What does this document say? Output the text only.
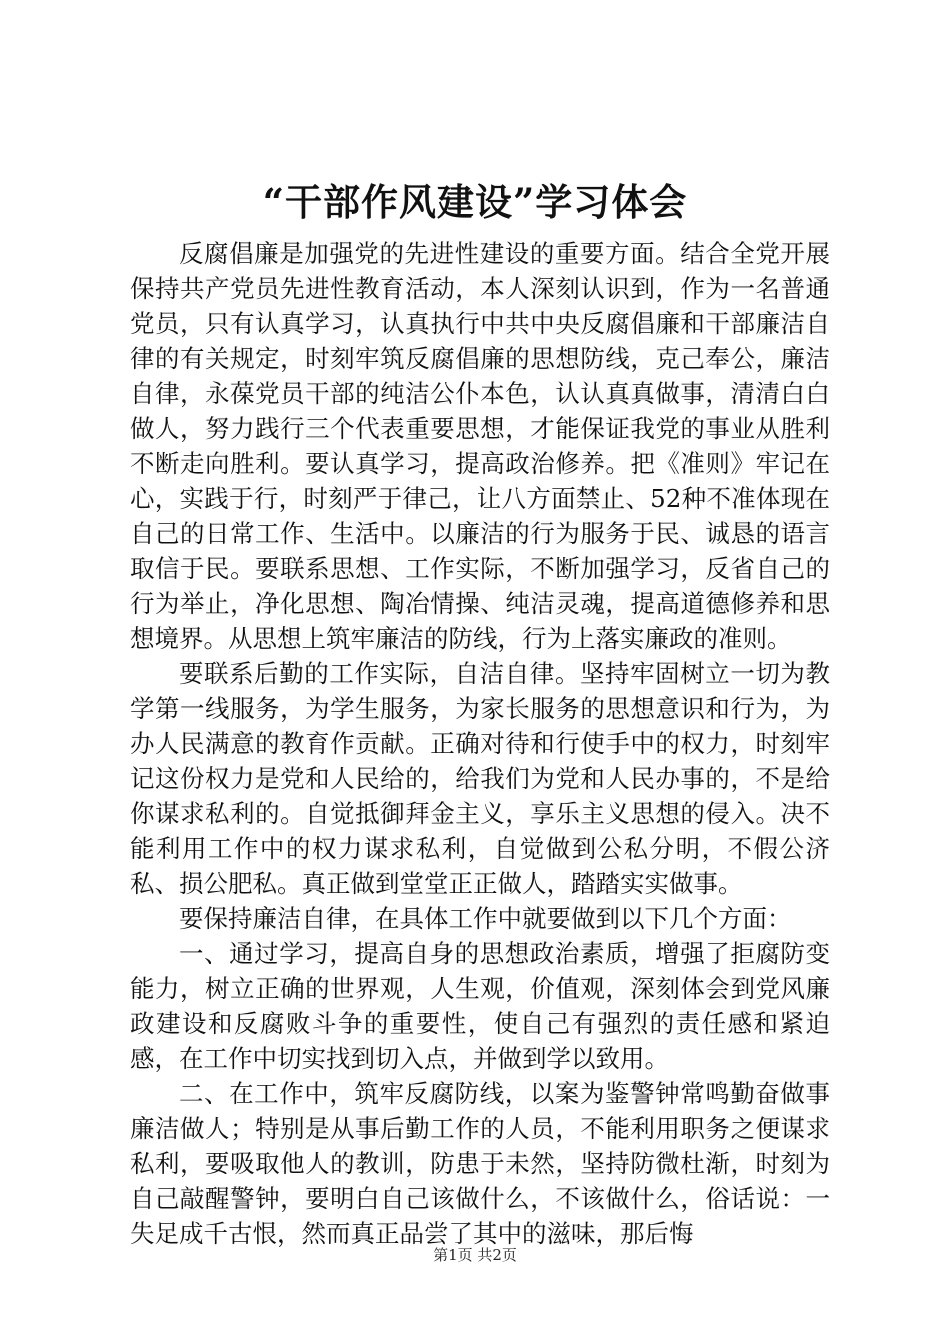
“干部作风建设”学习体会

反腐倡廉是加强党的先进性建设的重要方面。结合全党开展保持共产党员先进性教育活动，本人深刻认识到，作为一名普通党员，只有认真学习，认真执行中共中央反腐倡廉和干部廉洁自律的有关规定，时刻牢筑反腐倡廉的思想防线，克己奉公，廉洁自律，永葆党员干部的纯洁公仆本色，认认真真做事，清清白白做人，努力践行三个代表重要思想，才能保证我党的事业从胜利不断走向胜利。要认真学习，提高政治修养。把《准则》牢记在心，实践于行，时刻严于律己，让八方面禁止、52种不准体现在自己的日常工作、生活中。以廉洁的行为服务于民、诚恳的语言取信于民。要联系思想、工作实际，不断加强学习，反省自己的行为举止，净化思想、陶冶情操、纯洁灵魂，提高道德修养和思想境界。从思想上筑牢廉洁的防线，行为上落实廉政的准则。

要联系后勤的工作实际，自洁自律。坚持牢固树立一切为教学第一线服务，为学生服务，为家长服务的思想意识和行为，为办人民满意的教育作贡献。正确对待和行使手中的权力，时刻牢记这份权力是党和人民给的，给我们为党和人民办事的，不是给你谋求私利的。自觉抵御拜金主义，享乐主义思想的侵入。决不能利用工作中的权力谋求私利，自觉做到公私分明，不假公济私、损公肥私。真正做到堂堂正正做人，踏踏实实做事。

要保持廉洁自律，在具体工作中就要做到以下几个方面：

一、通过学习，提高自身的思想政治素质，增强了拒腐防变能力，树立正确的世界观，人生观，价值观，深刻体会到党风廉政建设和反腐败斗争的重要性，使自己有强烈的责任感和紧迫感，在工作中切实找到切入点，并做到学以致用。

二、在工作中，筑牢反腐防线，以案为鉴警钟常鸣勤奋做事廉洁做人；特别是从事后勤工作的人员，不能利用职务之便谋求私利，要吸取他人的教训，防患于未然，坚持防微杜渐，时刻为自己敲醒警钟，要明白自己该做什么，不该做什么，俗话说：一失足成千古恨，然而真正品尝了其中的滋味，那后悔

第1页 共2页
